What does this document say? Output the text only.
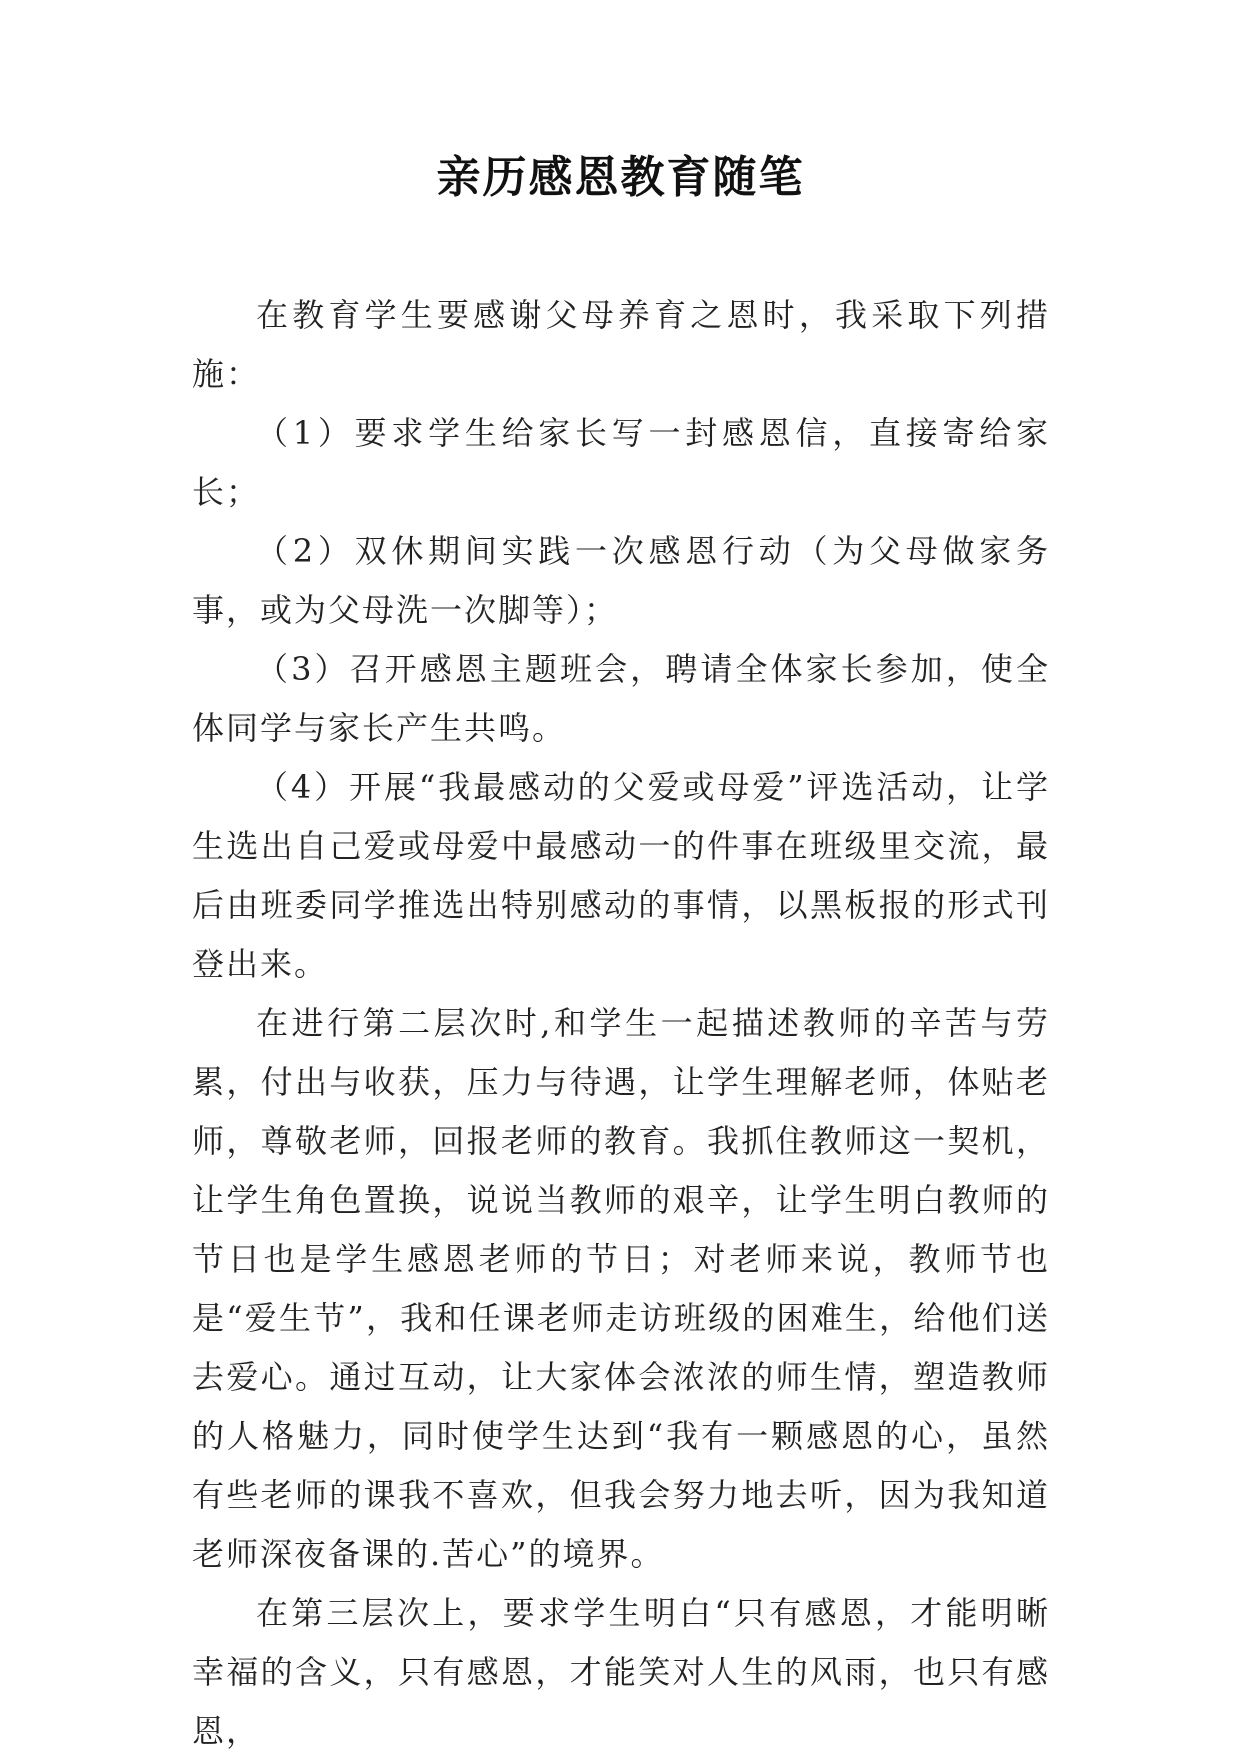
亲历感恩教育随笔

在教育学生要感谢父母养育之恩时，我采取下列措施：

（1）要求学生给家长写一封感恩信，直接寄给家长；

（2）双休期间实践一次感恩行动（为父母做家务事，或为父母洗一次脚等）；

（3）召开感恩主题班会，聘请全体家长参加，使全体同学与家长产生共鸣。

（4）开展“我最感动的父爱或母爱”评选活动，让学生选出自己爱或母爱中最感动一的件事在班级里交流，最后由班委同学推选出特别感动的事情，以黑板报的形式刊登出来。

在进行第二层次时,和学生一起描述教师的辛苦与劳累，付出与收获，压力与待遇，让学生理解老师，体贴老师，尊敬老师，回报老师的教育。我抓住教师这一契机，让学生角色置换，说说当教师的艰辛，让学生明白教师的节日也是学生感恩老师的节日；对老师来说，教师节也是“爱生节”，我和任课老师走访班级的困难生，给他们送去爱心。通过互动，让大家体会浓浓的师生情，塑造教师的人格魅力，同时使学生达到“我有一颗感恩的心，虽然有些老师的课我不喜欢，但我会努力地去听，因为我知道老师深夜备课的.苦心”的境界。

在第三层次上，要求学生明白“只有感恩，才能明晰幸福的含义，只有感恩，才能笑对人生的风雨，也只有感恩，
